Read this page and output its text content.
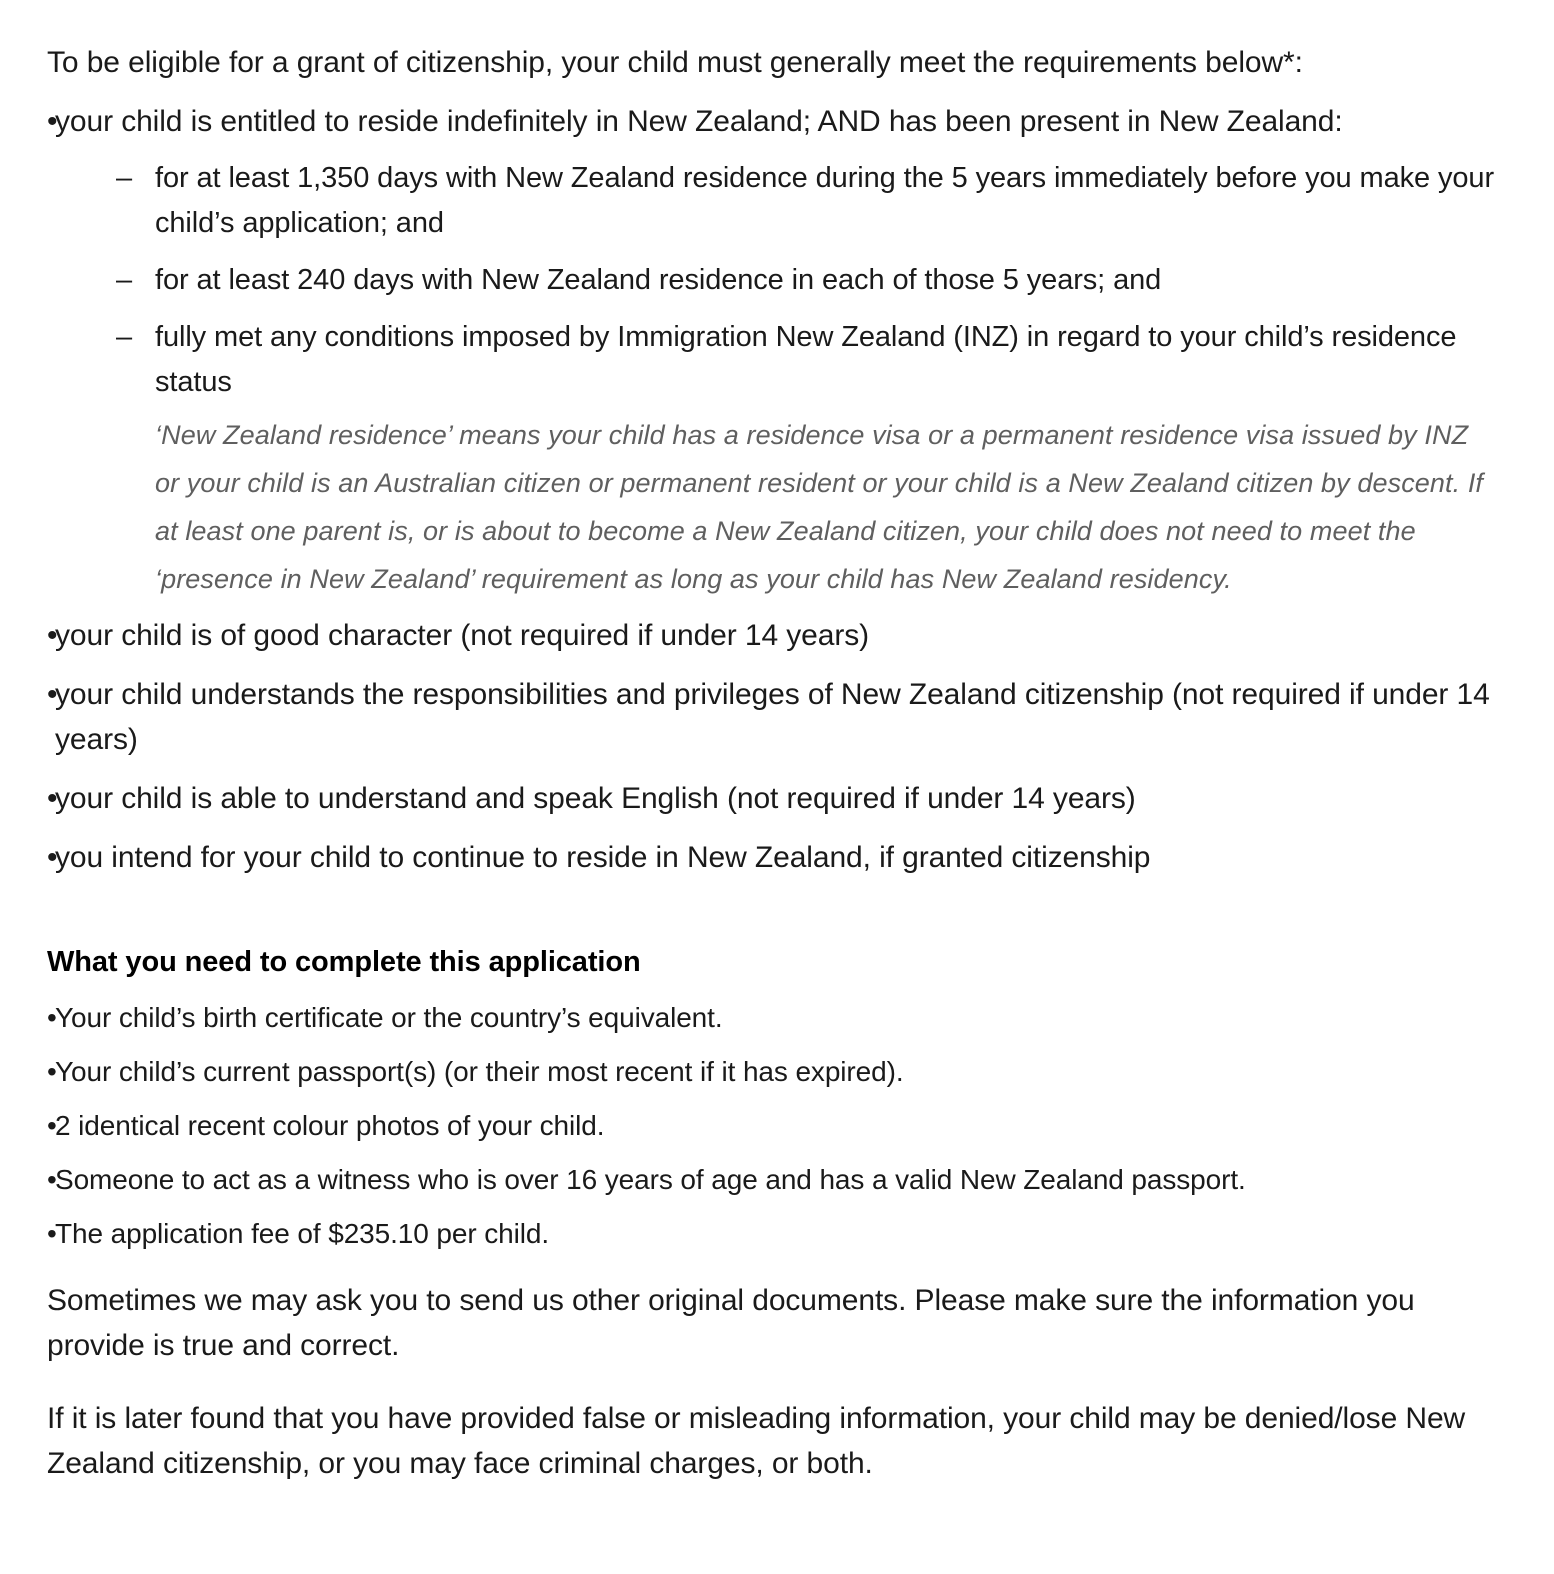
To be eligible for a grant of citizenship, your child must generally meet the requirements below*:

•
your child is entitled to reside indefinitely in New Zealand; AND has been present in New Zealand:
– for at least 1,350 days with New Zealand residence during the 5 years immediately before you make your child’s application; and
– for at least 240 days with New Zealand residence in each of those 5 years; and
– fully met any conditions imposed by Immigration New Zealand (INZ) in regard to your child’s residence status

‘New Zealand residence’ means your child has a residence visa or a permanent residence visa issued by INZ or your child is an Australian citizen or permanent resident or your child is a New Zealand citizen by descent. If at least one parent is, or is about to become a New Zealand citizen, your child does not need to meet the ‘presence in New Zealand’ requirement as long as your child has New Zealand residency.

•
your child is of good character (not required if under 14 years)
•
your child understands the responsibilities and privileges of New Zealand citizenship (not required if under 14 years)
•
your child is able to understand and speak English (not required if under 14 years)
•
you intend for your child to continue to reside in New Zealand, if granted citizenship
What you need to complete this application
•
Your child’s birth certificate or the country’s equivalent.
•
Your child’s current passport(s) (or their most recent if it has expired).
•
2 identical recent colour photos of your child.
•
Someone to act as a witness who is over 16 years of age and has a valid New Zealand passport.
•
The application fee of $235.10 per child.

Sometimes we may ask you to send us other original documents. Please make sure the information you provide is true and correct.

If it is later found that you have provided false or misleading information, your child may be denied/lose New Zealand citizenship, or you may face criminal charges, or both.
